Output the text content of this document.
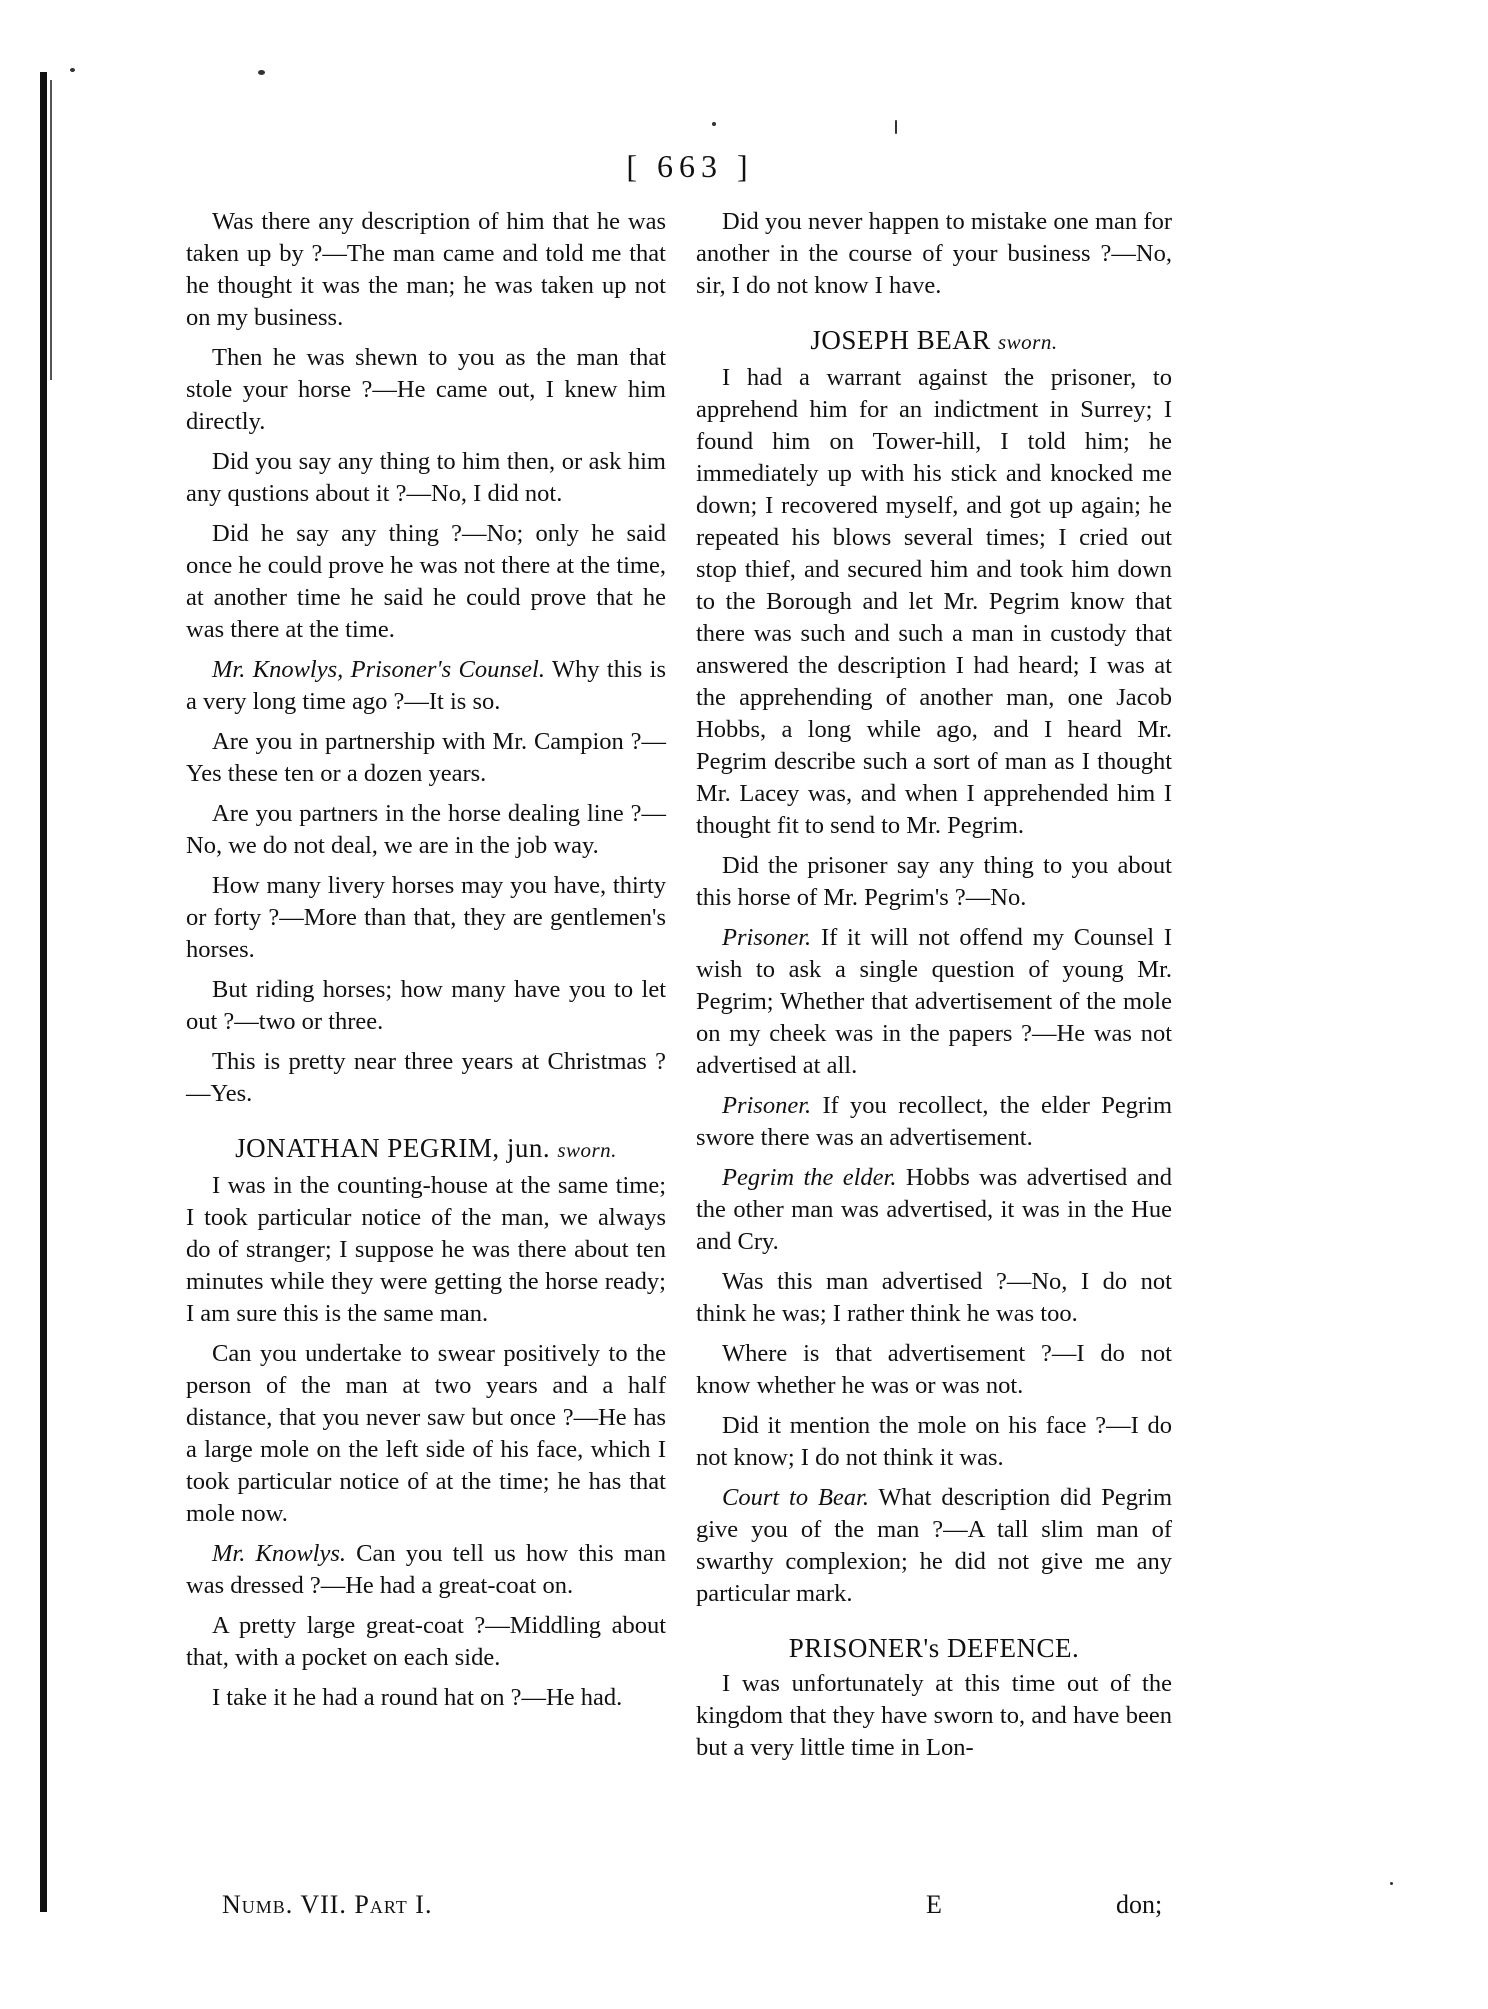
[ 663 ]

Was there any description of him that he was taken up by ?—The man came and told me that he thought it was the man; he was taken up not on my business.

Then he was shewn to you as the man that stole your horse ?—He came out, I knew him directly.

Did you say any thing to him then, or ask him any qustions about it ?—No, I did not.

Did he say any thing ?—No; only he said once he could prove he was not there at the time, at another time he said he could prove that he was there at the time.

Mr. Knowlys, Prisoner's Counsel. Why this is a very long time ago ?—It is so.

Are you in partnership with Mr. Campion ?—Yes these ten or a dozen years.

Are you partners in the horse dealing line ?—No, we do not deal, we are in the job way.

How many livery horses may you have, thirty or forty ?—More than that, they are gentlemen's horses.

But riding horses; how many have you to let out ?—two or three.

This is pretty near three years at Christmas ?—Yes.

JONATHAN PEGRIM, jun. sworn.

I was in the counting-house at the same time; I took particular notice of the man, we always do of stranger; I suppose he was there about ten minutes while they were getting the horse ready; I am sure this is the same man.

Can you undertake to swear positively to the person of the man at two years and a half distance, that you never saw but once ?—He has a large mole on the left side of his face, which I took particular notice of at the time; he has that mole now.

Mr. Knowlys. Can you tell us how this man was dressed ?—He had a great-coat on.

A pretty large great-coat ?—Middling about that, with a pocket on each side.

I take it he had a round hat on ?—He had.

Did you never happen to mistake one man for another in the course of your business ?—No, sir, I do not know I have.

JOSEPH BEAR sworn.

I had a warrant against the prisoner, to apprehend him for an indictment in Surrey; I found him on Tower-hill, I told him; he immediately up with his stick and knocked me down; I recovered myself, and got up again; he repeated his blows several times; I cried out stop thief, and secured him and took him down to the Borough and let Mr. Pegrim know that there was such and such a man in custody that answered the description I had heard; I was at the apprehending of another man, one Jacob Hobbs, a long while ago, and I heard Mr. Pegrim describe such a sort of man as I thought Mr. Lacey was, and when I apprehended him I thought fit to send to Mr. Pegrim.

Did the prisoner say any thing to you about this horse of Mr. Pegrim's ?—No.

Prisoner. If it will not offend my Counsel I wish to ask a single question of young Mr. Pegrim; Whether that advertisement of the mole on my cheek was in the papers ?—He was not advertised at all.

Prisoner. If you recollect, the elder Pegrim swore there was an advertisement.

Pegrim the elder. Hobbs was advertised and the other man was advertised, it was in the Hue and Cry.

Was this man advertised ?—No, I do not think he was; I rather think he was too.

Where is that advertisement ?—I do not know whether he was or was not.

Did it mention the mole on his face ?—I do not know; I do not think it was.

Court to Bear. What description did Pegrim give you of the man ?—A tall slim man of swarthy complexion; he did not give me any particular mark.

PRISONER's DEFENCE.

I was unfortunately at this time out of the kingdom that they have sworn to, and have been but a very little time in Lon-

Numb. VII. Part I.	E	don;
